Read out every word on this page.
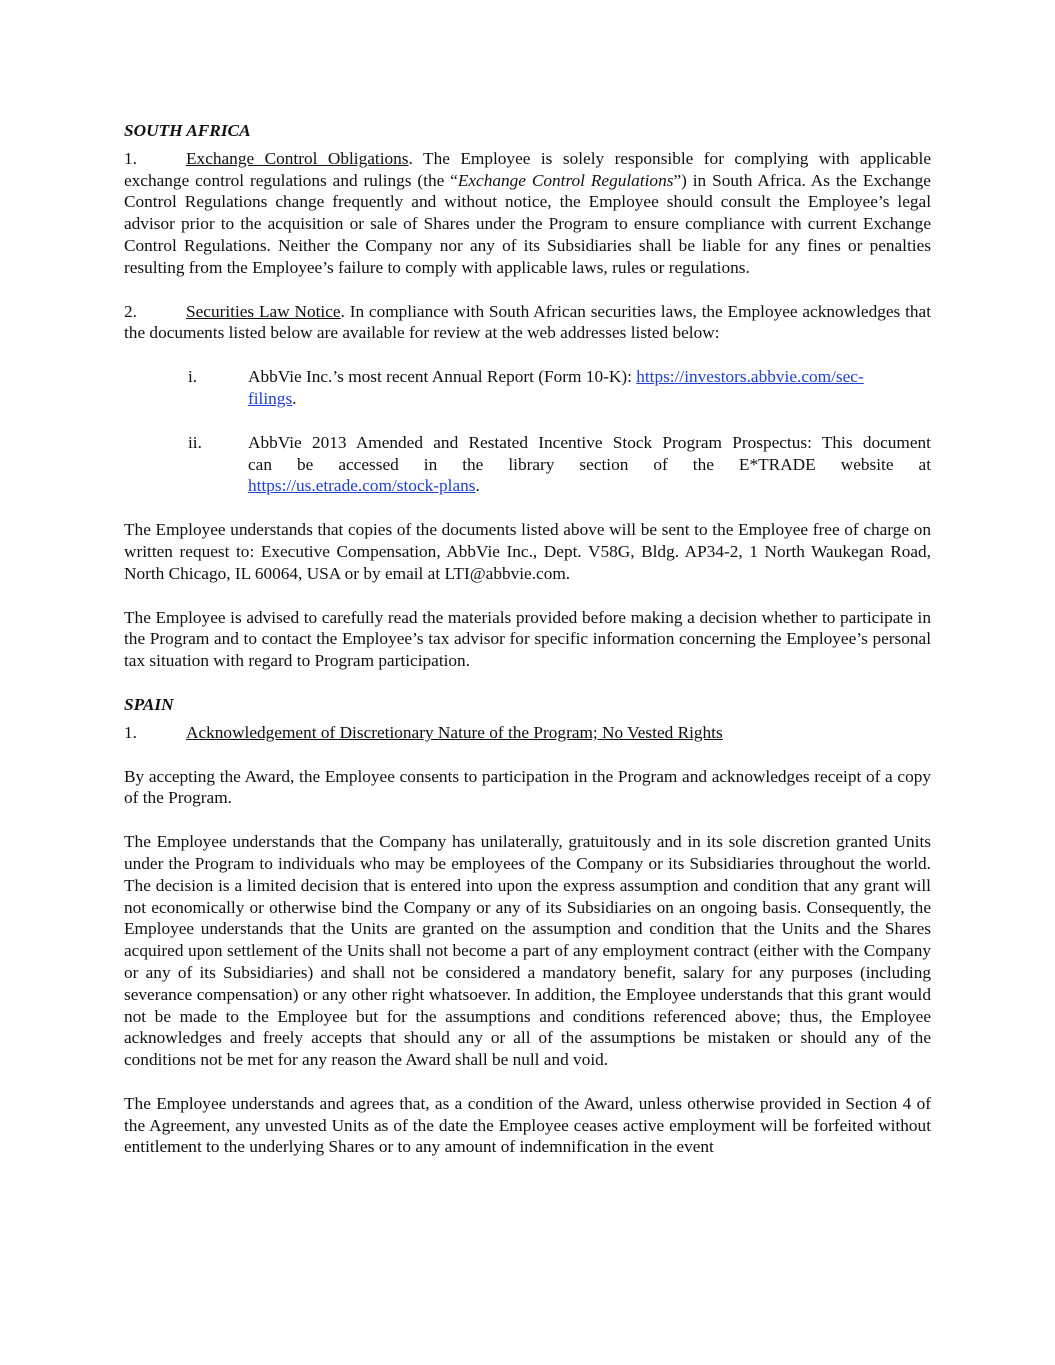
SOUTH AFRICA

1.	Exchange Control Obligations. The Employee is solely responsible for complying with applicable exchange control regulations and rulings (the “Exchange Control Regulations”) in South Africa. As the Exchange Control Regulations change frequently and without notice, the Employee should consult the Employee’s legal advisor prior to the acquisition or sale of Shares under the Program to ensure compliance with current Exchange Control Regulations. Neither the Company nor any of its Subsidiaries shall be liable for any fines or penalties resulting from the Employee’s failure to comply with applicable laws, rules or regulations.

2.	Securities Law Notice. In compliance with South African securities laws, the Employee acknowledges that the documents listed below are available for review at the web addresses listed below:

i.	AbbVie Inc.’s most recent Annual Report (Form 10-K): https://investors.abbvie.com/sec-
filings.
ii.	AbbVie 2013 Amended and Restated Incentive Stock Program Prospectus: This document
can be accessed in the library section of the E*TRADE website at
https://us.etrade.com/stock-plans.

The Employee understands that copies of the documents listed above will be sent to the Employee free of charge on written request to: Executive Compensation, AbbVie Inc., Dept. V58G, Bldg. AP34-2, 1 North Waukegan Road, North Chicago, IL 60064, USA or by email at LTI@abbvie.com.

The Employee is advised to carefully read the materials provided before making a decision whether to participate in the Program and to contact the Employee’s tax advisor for specific information concerning the Employee’s personal tax situation with regard to Program participation.

SPAIN

1.	Acknowledgement of Discretionary Nature of the Program; No Vested Rights

By accepting the Award, the Employee consents to participation in the Program and acknowledges receipt of a copy of the Program.

The Employee understands that the Company has unilaterally, gratuitously and in its sole discretion granted Units under the Program to individuals who may be employees of the Company or its Subsidiaries throughout the world. The decision is a limited decision that is entered into upon the express assumption and condition that any grant will not economically or otherwise bind the Company or any of its Subsidiaries on an ongoing basis. Consequently, the Employee understands that the Units are granted on the assumption and condition that the Units and the Shares acquired upon settlement of the Units shall not become a part of any employment contract (either with the Company or any of its Subsidiaries) and shall not be considered a mandatory benefit, salary for any purposes (including severance compensation) or any other right whatsoever. In addition, the Employee understands that this grant would not be made to the Employee but for the assumptions and conditions referenced above; thus, the Employee acknowledges and freely accepts that should any or all of the assumptions be mistaken or should any of the conditions not be met for any reason the Award shall be null and void.

The Employee understands and agrees that, as a condition of the Award, unless otherwise provided in Section 4 of the Agreement, any unvested Units as of the date the Employee ceases active employment will be forfeited without entitlement to the underlying Shares or to any amount of indemnification in the event
